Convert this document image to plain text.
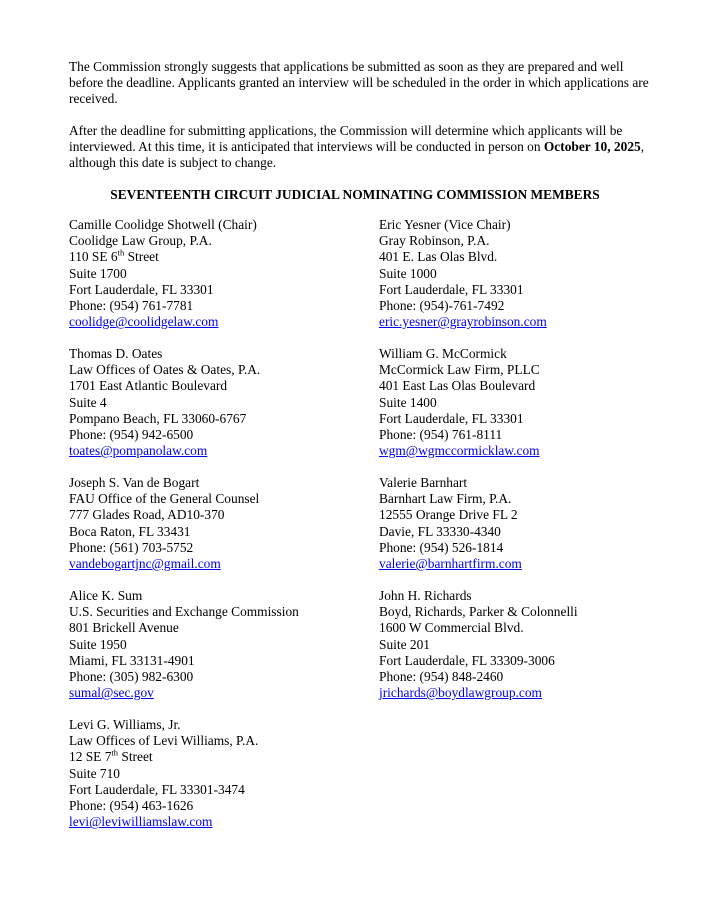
The Commission strongly suggests that applications be submitted as soon as they are prepared and well before the deadline. Applicants granted an interview will be scheduled in the order in which applications are received.

After the deadline for submitting applications, the Commission will determine which applicants will be interviewed. At this time, it is anticipated that interviews will be conducted in person on October 10, 2025, although this date is subject to change.

SEVENTEENTH CIRCUIT JUDICIAL NOMINATING COMMISSION MEMBERS

Camille Coolidge Shotwell (Chair)
Coolidge Law Group, P.A.
110 SE 6th Street
Suite 1700
Fort Lauderdale, FL 33301
Phone: (954) 761-7781
coolidge@coolidgelaw.com
Eric Yesner (Vice Chair)
Gray Robinson, P.A.
401 E. Las Olas Blvd.
Suite 1000
Fort Lauderdale, FL 33301
Phone: (954)-761-7492
eric.yesner@grayrobinson.com
Thomas D. Oates
Law Offices of Oates & Oates, P.A.
1701 East Atlantic Boulevard
Suite 4
Pompano Beach, FL 33060-6767
Phone: (954) 942-6500
toates@pompanolaw.com
William G. McCormick
McCormick Law Firm, PLLC
401 East Las Olas Boulevard
Suite 1400
Fort Lauderdale, FL 33301
Phone: (954) 761-8111
wgm@wgmccormicklaw.com
Joseph S. Van de Bogart
FAU Office of the General Counsel
777 Glades Road, AD10-370
Boca Raton, FL 33431
Phone: (561) 703-5752
vandebogartjnc@gmail.com
Valerie Barnhart
Barnhart Law Firm, P.A.
12555 Orange Drive FL 2
Davie, FL 33330-4340
Phone: (954) 526-1814
valerie@barnhartfirm.com
Alice K. Sum
U.S. Securities and Exchange Commission
801 Brickell Avenue
Suite 1950
Miami, FL 33131-4901
Phone: (305) 982-6300
sumal@sec.gov
John H. Richards
Boyd, Richards, Parker & Colonnelli
1600 W Commercial Blvd.
Suite 201
Fort Lauderdale, FL 33309-3006
Phone: (954) 848-2460
jrichards@boydlawgroup.com
Levi G. Williams, Jr.
Law Offices of Levi Williams, P.A.
12 SE 7th Street
Suite 710
Fort Lauderdale, FL 33301-3474
Phone: (954) 463-1626
levi@leviwilliamslaw.com
